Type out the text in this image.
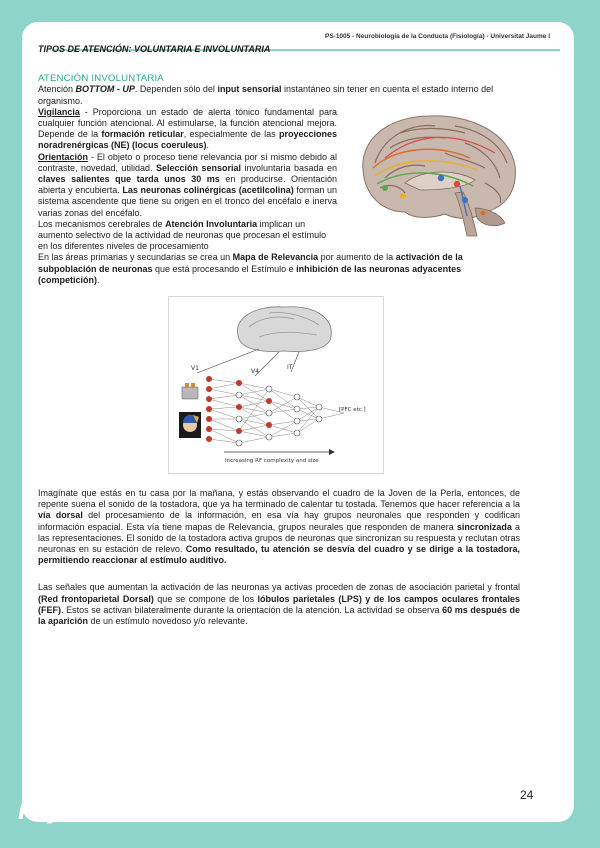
PS-1005 - Neurobiología de la Conducta (Fisiología) - Universitat Jaume I
24
TIPOS DE ATENCIÓN: VOLUNTARIA E INVOLUNTARIA
ATENCIÓN INVOLUNTARIA

Atención BOTTOM - UP. Dependen sólo del input sensorial instantáneo sin tener en cuenta el estado interno del organismo.

Vigilancia - Proporciona un estado de alerta tónico fundamental para cualquier función atencional. Al estimularse, la función atencional mejora. Depende de la formación reticular, especialmente de las proyecciones noradrenérgicas (NE) (locus coeruleus).

Orientación - El objeto o proceso tiene relevancia por sí mismo debido al contraste, novedad, utilidad. Selección sensorial involuntaria basada en claves salientes que tarda unos 30 ms en producirse. Orientación abierta y encubierta. Las neuronas colinérgicas (acetilcolina) forman un sistema ascendente que tiene su origen en el tronco del encéfalo e inerva varias zonas del encéfalo.

Los mecanismos cerebrales de Atención Involuntaria implican un aumento selectivo de la actividad de neuronas que procesan el estímulo en los diferentes niveles de procesamiento

En las áreas primarias y secundarias se crea un Mapa de Relevancia por aumento de la activación de la subpoblación de neuronas que está procesando el Estímulo e inhibición de las neuronas adyacentes (competición).

V1	V4
IT
[PFC etc.]
Increasing RF complexity and size

Imagínate que estás en tu casa por la mañana, y estás observando el cuadro de la Joven de la Perla, entonces, de repente suena el sonido de la tostadora, que ya ha terminado de calentar tu tostada. Tenemos que hacer referencia a la vía dorsal del procesamiento de la información, en esa vía hay grupos neuronales que responden y codifican información espacial. Esta vía tiene mapas de Relevancia, grupos neurales que responden de manera sincronizada a las representaciones. El sonido de la tostadora activa grupos de neuronas que sincronizan su respuesta y reclutan otras neuronas en su estación de relevo. Como resultado, tu atención se desvía del cuadro y se dirige a la tostadora, permitiendo reaccionar al estímulo auditivo.

Las señales que aumentan la activación de las neuronas ya activas proceden de zonas de asociación parietal y frontal (Red frontoparietal Dorsal) que se compone de los lóbulos parietales (LPS) y de los campos oculares frontales (FEF). Estos se activan bilateralmente durante la orientación de la atención. La actividad se observa 60 ms después de la aparición de un estímulo novedoso y/o relevante.

Psycho Gabs
